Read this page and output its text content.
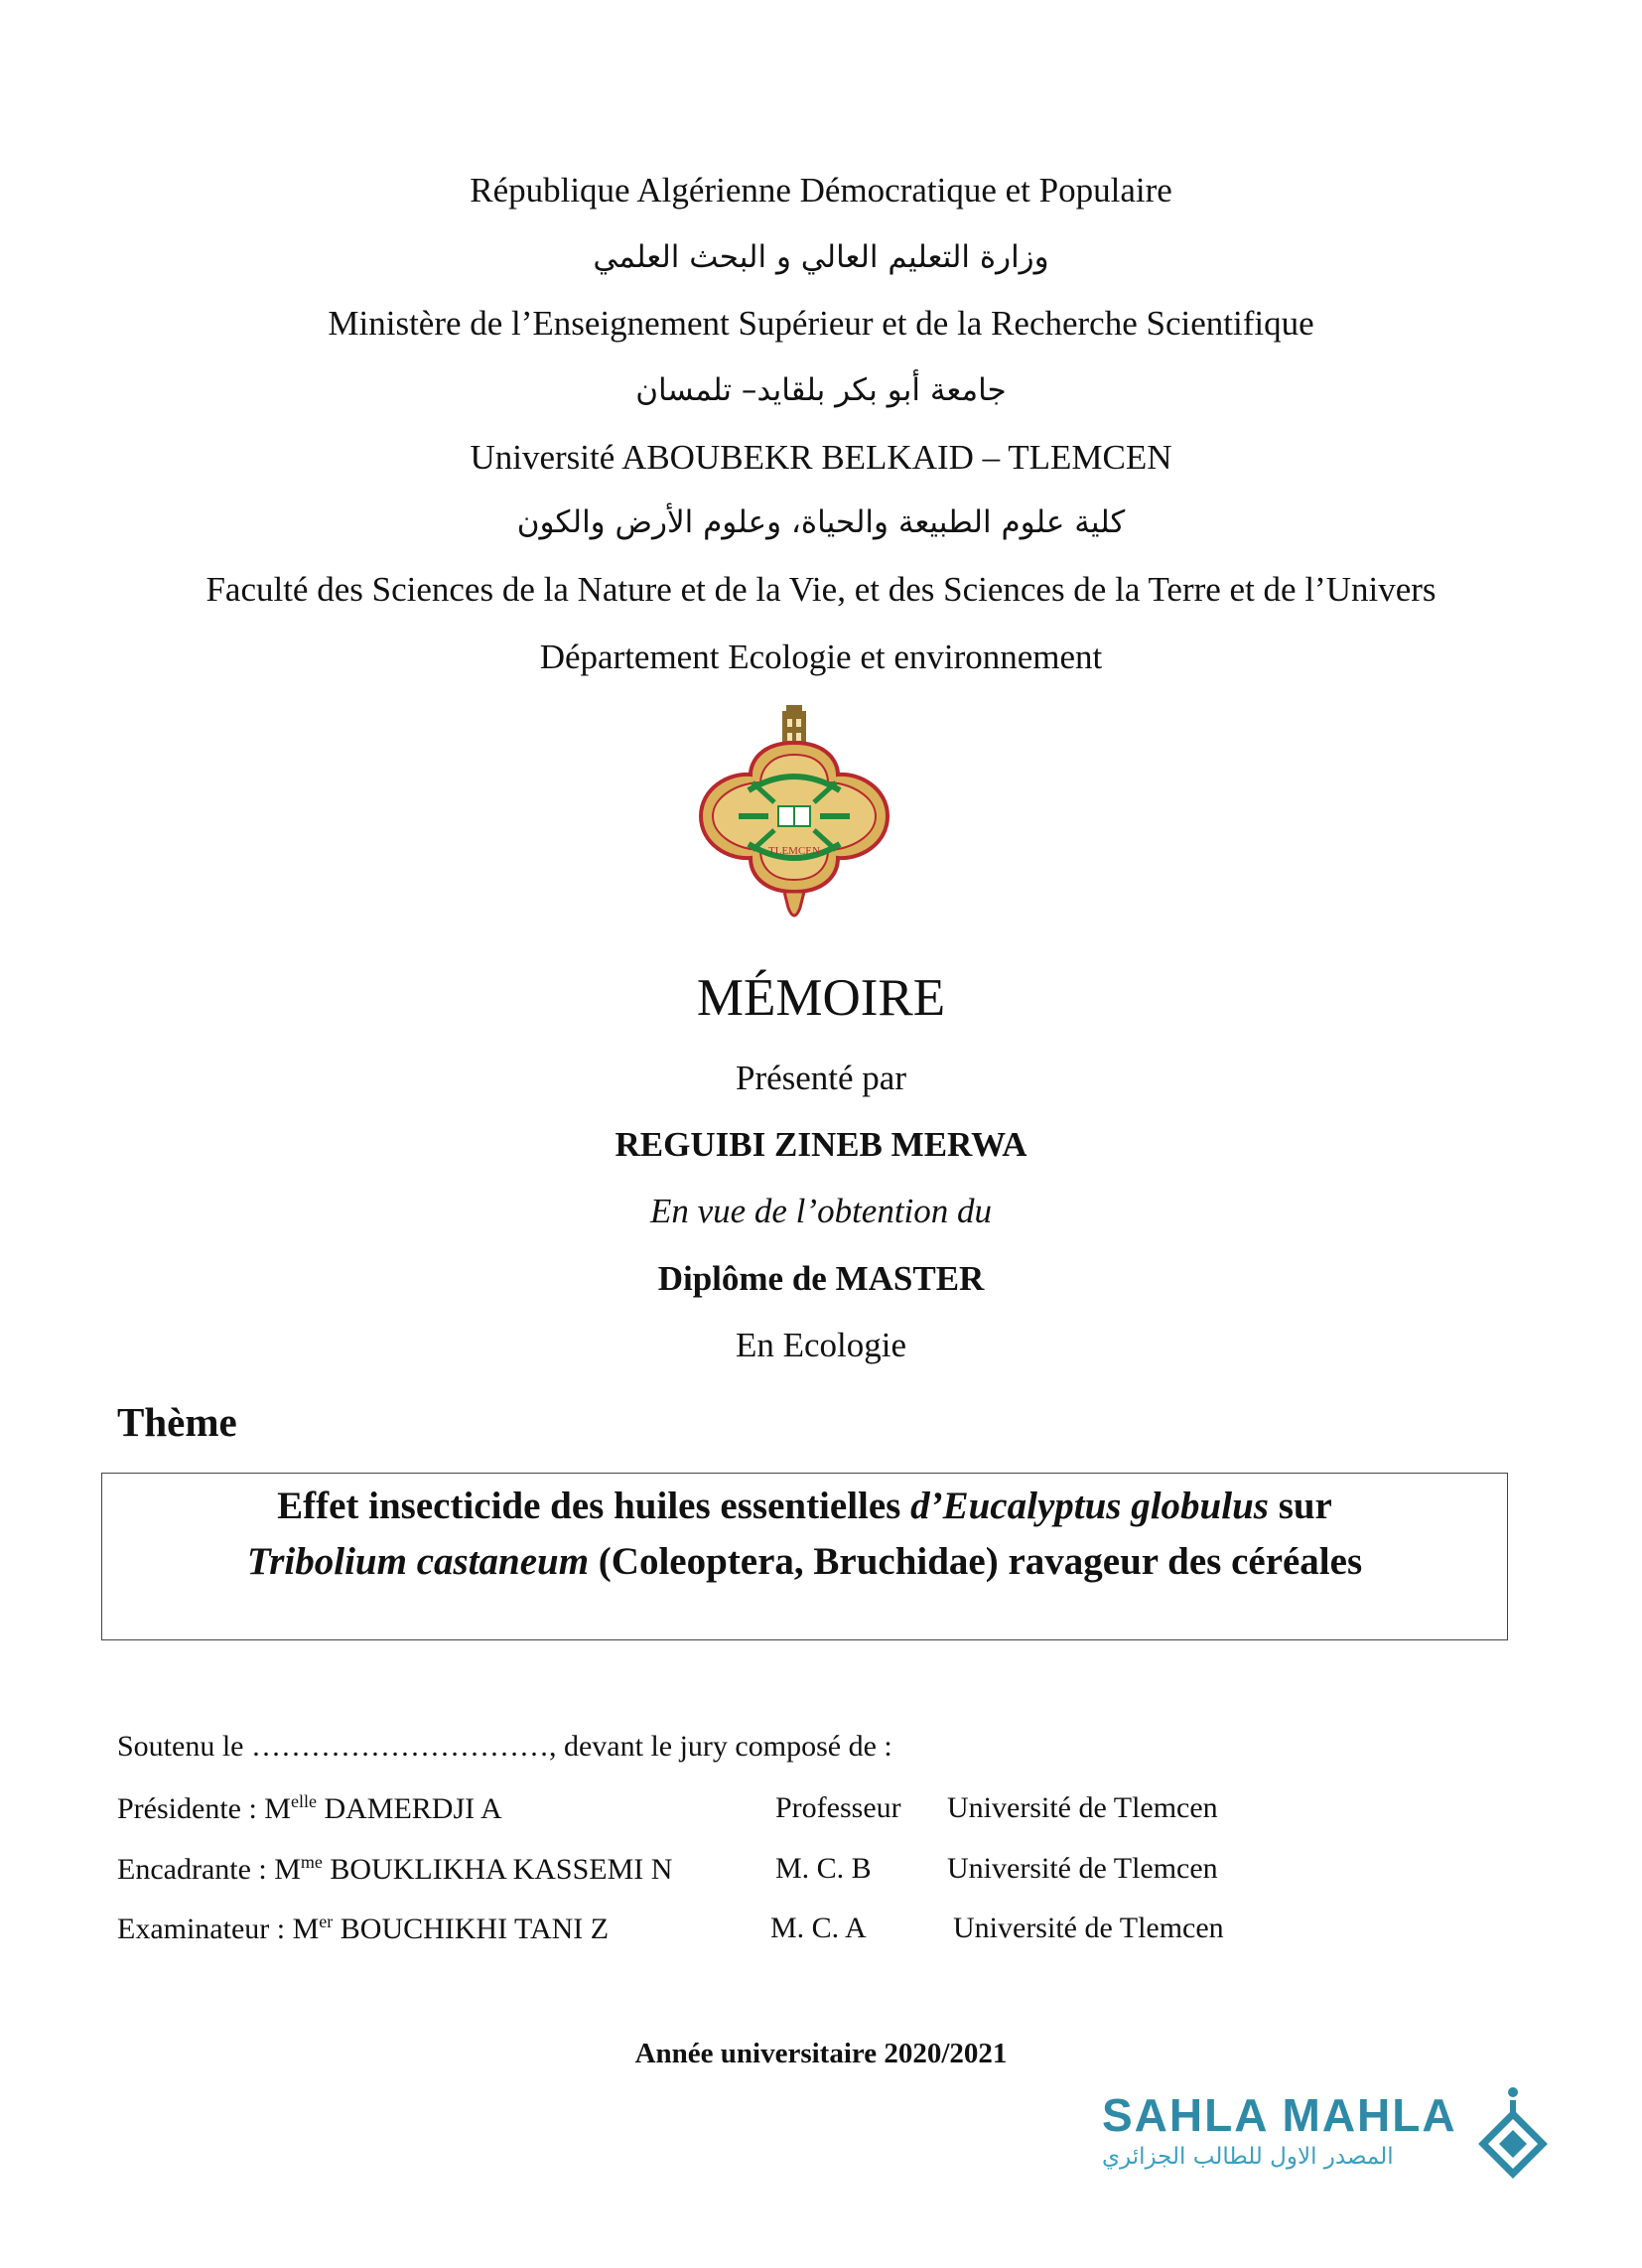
République Algérienne Démocratique et Populaire
وزارة التعليم العالي و البحث العلمي
Ministère de l’Enseignement Supérieur et de la Recherche Scientifique
جامعة أبو بكر بلقايد– تلمسان
Université ABOUBEKR BELKAID – TLEMCEN
كلية علوم الطبيعة والحياة، وعلوم الأرض والكون
Faculté des Sciences de la Nature et de la Vie, et des Sciences de la Terre et de l’Univers
Département Ecologie et environnement
TLEMCEN
MÉMOIRE
Présenté par
REGUIBI ZINEB MERWA
En vue de l’obtention du
Diplôme de MASTER
En Ecologie
Thème
Effet insecticide des huiles essentielles d’Eucalyptus globulus sur
Tribolium castaneum (Coleoptera, Bruchidae) ravageur des céréales
Soutenu le …………………………, devant le jury composé de :
Présidente : $M^{elle}$ DAMERDJI A	Professeur Université de Tlemcen
Encadrante : $M^{me}$ BOUKLIKHA KASSEMI N	M. C. B	Université de Tlemcen
Examinateur : Mer BOUCHIKHI TANI Z	M. C. A	Université de Tlemcen
Année universitaire 2020/2021
SAHLA MAHLA
المصدر الاول للطالب الجزائري
